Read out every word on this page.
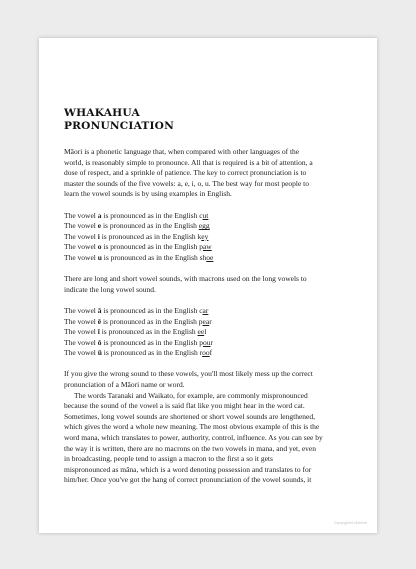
WHAKAHUA
PRONUNCIATION

Māori is a phonetic language that, when compared with other languages of the
world, is reasonably simple to pronounce. All that is required is a bit of attention, a
dose of respect, and a sprinkle of patience. The key to correct pronunciation is to
master the sounds of the five vowels: a, e, i, o, u. The best way for most people to
learn the vowel sounds is by using examples in English.

The vowel a is pronounced as in the English cut
The vowel e is pronounced as in the English egg
The vowel i is pronounced as in the English key
The vowel o is pronounced as in the English paw
The vowel u is pronounced as in the English shoe

There are long and short vowel sounds, with macrons used on the long vowels to
indicate the long vowel sound.

The vowel ā is pronounced as in the English car
The vowel ē is pronounced as in the English pear
The vowel ī is pronounced as in the English eel
The vowel ō is pronounced as in the English pour
The vowel ū is pronounced as in the English roof

If you give the wrong sound to these vowels, you'll most likely mess up the correct
pronunciation of a Māori name or word.

The words Taranaki and Waikato, for example, are commonly mispronounced
because the sound of the vowel a is said flat like you might hear in the word cat.
Sometimes, long vowel sounds are shortened or short vowel sounds are lengthened,
which gives the word a whole new meaning. The most obvious example of this is the
word mana, which translates to power, authority, control, influence. As you can see by
the way it is written, there are no macrons on the two vowels in mana, and yet, even
in broadcasting, people tend to assign a macron to the first a so it gets
mispronounced as māna, which is a word denoting possession and translates to for
him/her. Once you've got the hang of correct pronunciation of the vowel sounds, it

Copyrighted Material
